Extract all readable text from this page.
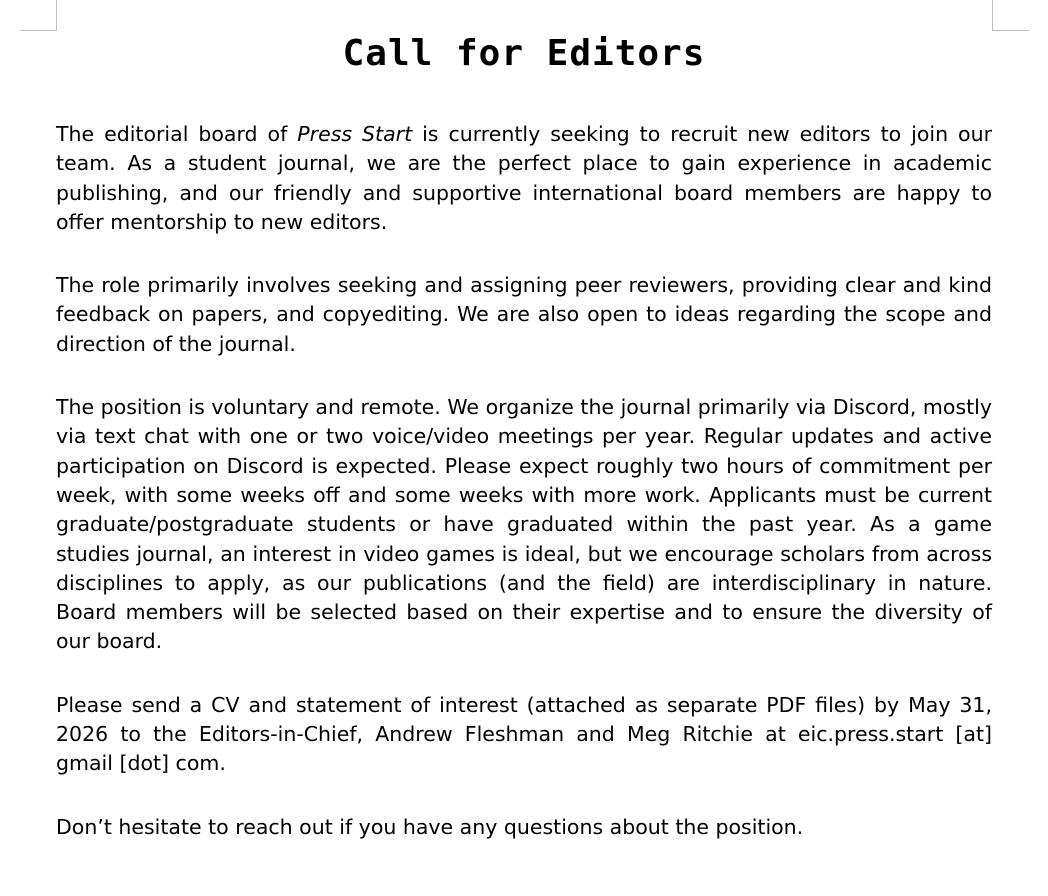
Call for Editors

The editorial board of Press Start is currently seeking to recruit new editors to join our team. As a student journal, we are the perfect place to gain experience in academic publishing, and our friendly and supportive international board members are happy to offer mentorship to new editors.

The role primarily involves seeking and assigning peer reviewers, providing clear and kind feedback on papers, and copyediting. We are also open to ideas regarding the scope and direction of the journal.

The position is voluntary and remote. We organize the journal primarily via Discord, mostly via text chat with one or two voice/video meetings per year. Regular updates and active participation on Discord is expected. Please expect roughly two hours of commitment per week, with some weeks off and some weeks with more work. Applicants must be current graduate/postgraduate students or have graduated within the past year. As a game studies journal, an interest in video games is ideal, but we encourage scholars from across disciplines to apply, as our publications (and the field) are interdisciplinary in nature. Board members will be selected based on their expertise and to ensure the diversity of our board.

Please send a CV and statement of interest (attached as separate PDF files) by May 31, 2026 to the Editors-in-Chief, Andrew Fleshman and Meg Ritchie at eic.press.start [at] gmail [dot] com.

Don’t hesitate to reach out if you have any questions about the position.
